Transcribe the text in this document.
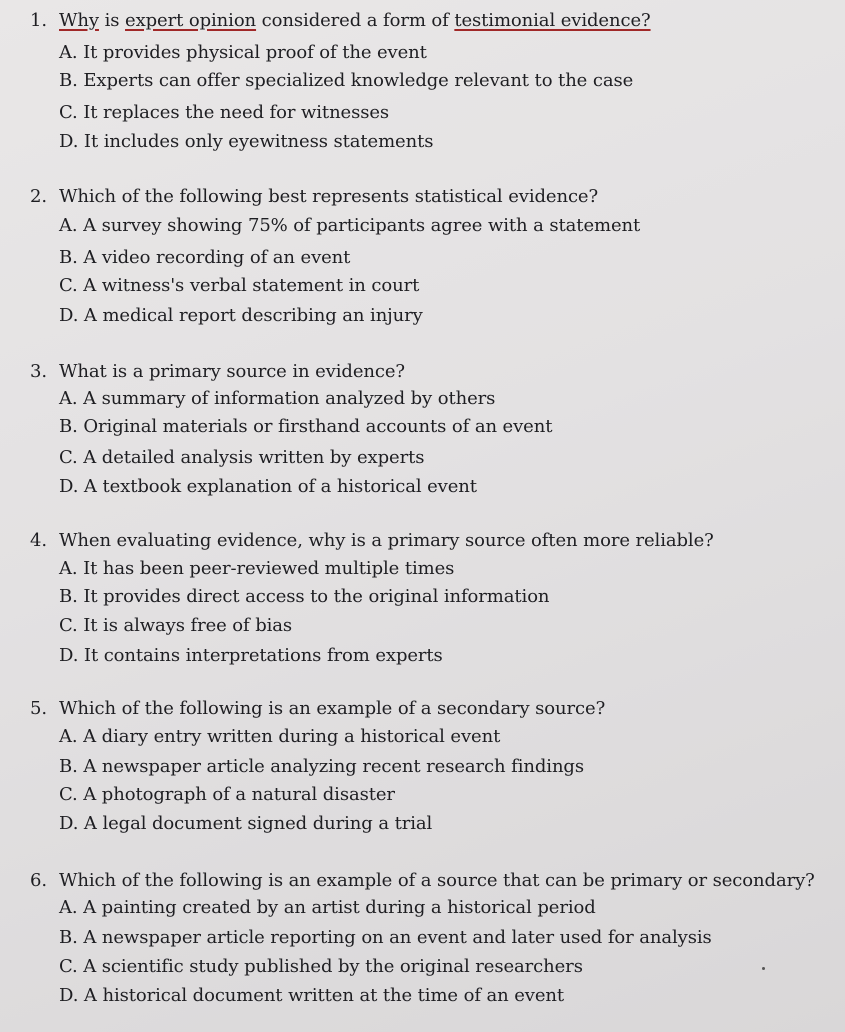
1. Why is expert opinion considered a form of testimonial evidence?
A. It provides physical proof of the event
B. Experts can offer specialized knowledge relevant to the case
C. It replaces the need for witnesses
D. It includes only eyewitness statements
2. Which of the following best represents statistical evidence?
A. A survey showing 75% of participants agree with a statement
B. A video recording of an event
C. A witness's verbal statement in court
D. A medical report describing an injury
3. What is a primary source in evidence?
A. A summary of information analyzed by others
B. Original materials or firsthand accounts of an event
C. A detailed analysis written by experts
D. A textbook explanation of a historical event
4. When evaluating evidence, why is a primary source often more reliable?
A. It has been peer-reviewed multiple times
B. It provides direct access to the original information
C. It is always free of bias
D. It contains interpretations from experts
5. Which of the following is an example of a secondary source?
A. A diary entry written during a historical event
B. A newspaper article analyzing recent research findings
C. A photograph of a natural disaster
D. A legal document signed during a trial
6. Which of the following is an example of a source that can be primary or secondary?
A. A painting created by an artist during a historical period
B. A newspaper article reporting on an event and later used for analysis
C. A scientific study published by the original researchers
D. A historical document written at the time of an event
